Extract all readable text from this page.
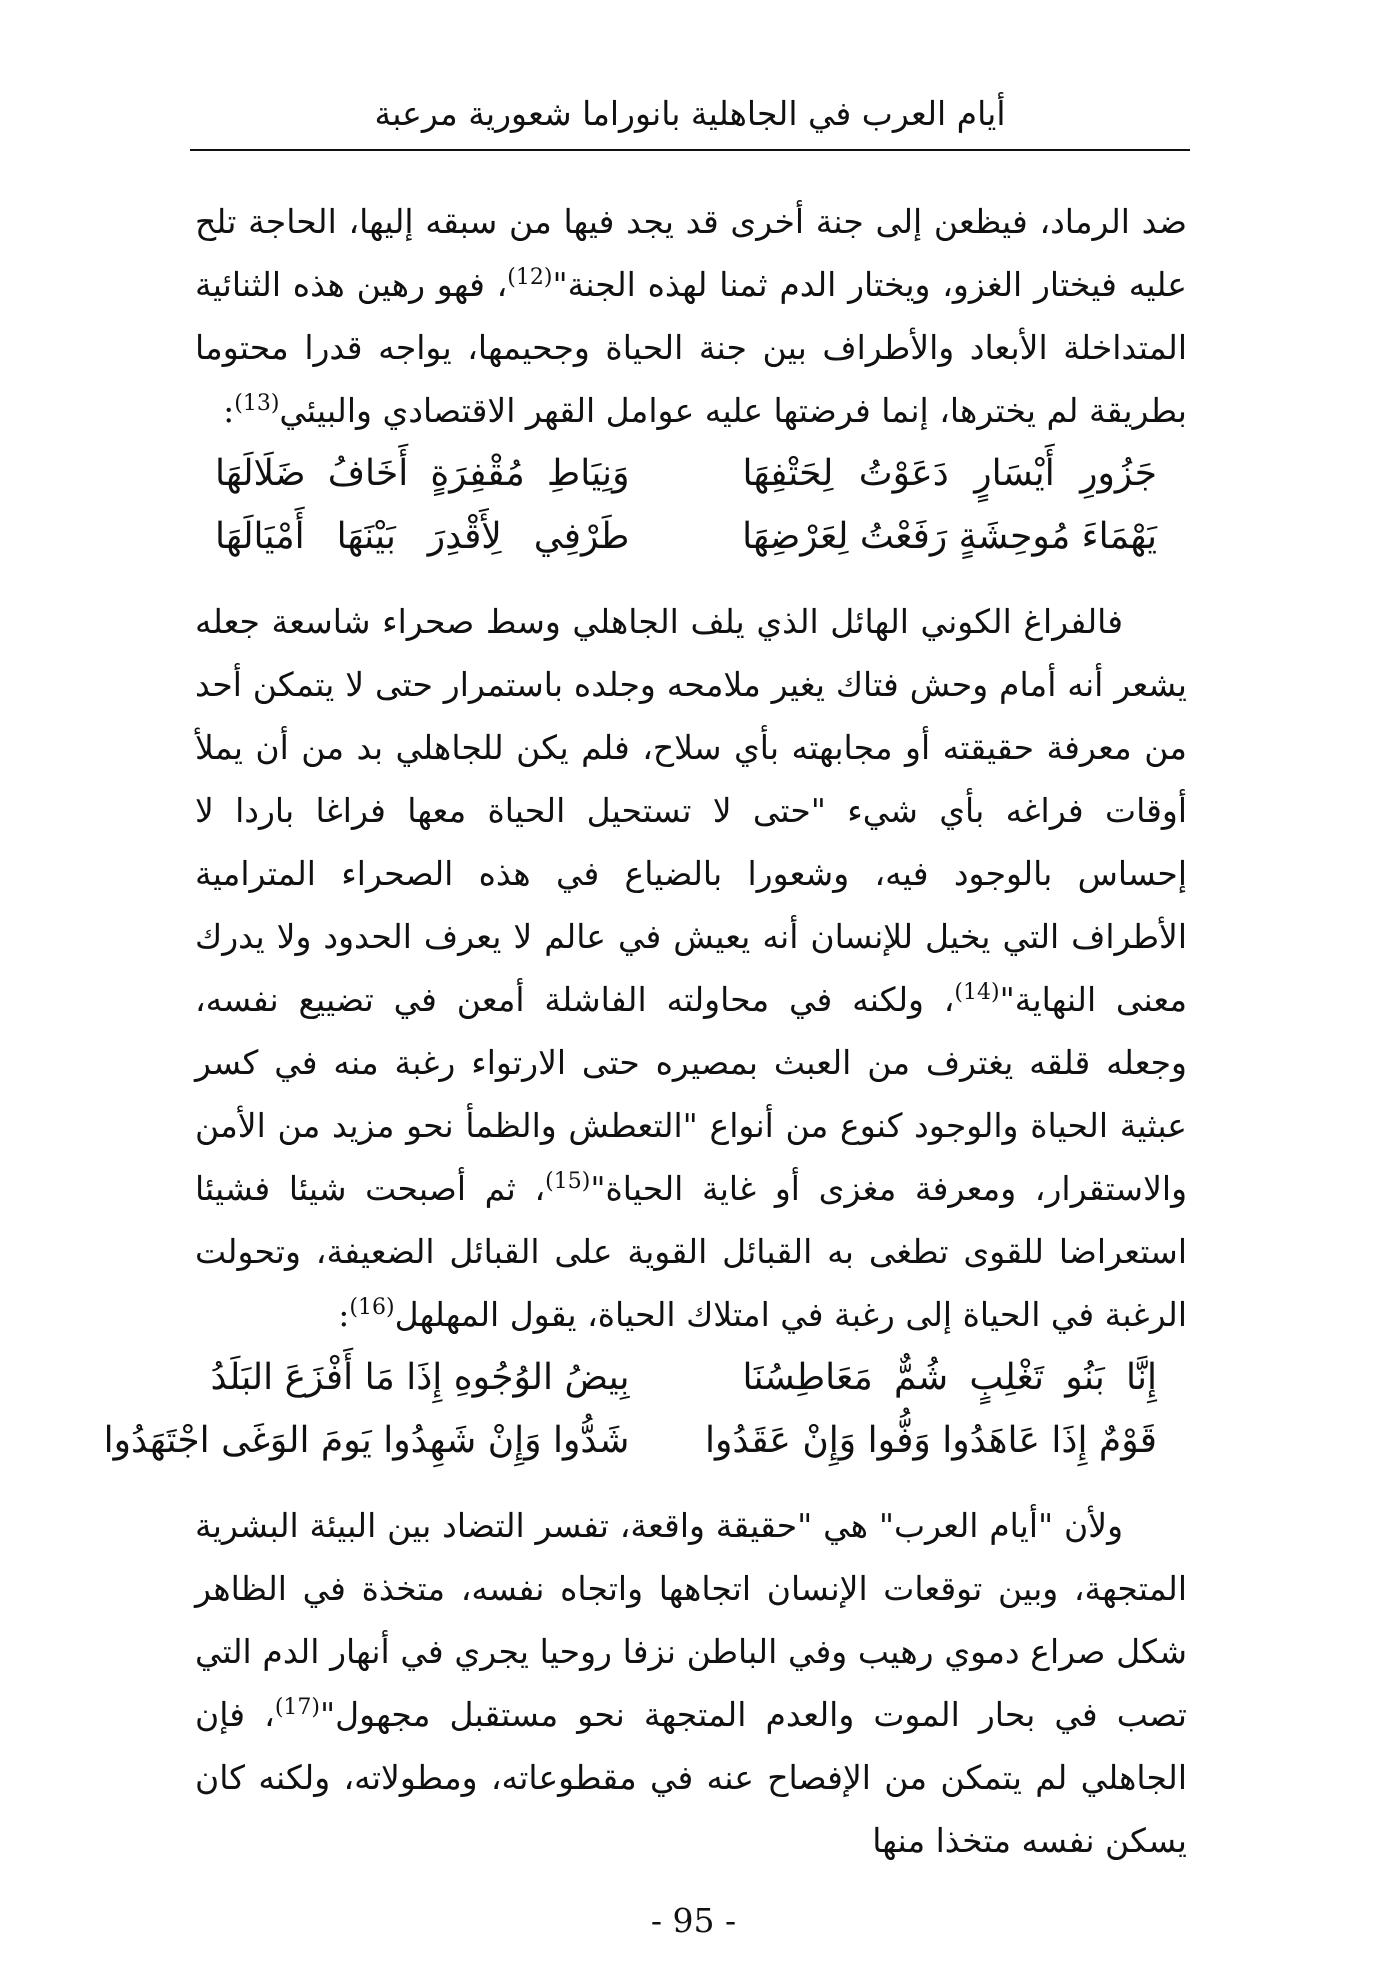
أيام العرب في الجاهلية بانوراما شعورية مرعبة

ضد الرماد، فيظعن إلى جنة أخرى قد يجد فيها من سبقه إليها، الحاجة تلح عليه فيختار الغزو، ويختار الدم ثمنا لهذه الجنة"$^{(12)}$، فهو رهين هذه الثنائية المتداخلة الأبعاد والأطراف بين جنة الحياة وجحيمها، يواجه قدرا محتوما بطريقة لم يخترها، إنما فرضتها عليه عوامل القهر الاقتصادي والبيئي$^{(13)}$:

جَزُورِ أَيْسَارٍ دَعَوْتُ لِحَتْفِهَا
وَنِيَاطِ مُقْفِرَةٍ أَخَافُ ضَلَالَهَا
يَهْمَاءَ مُوحِشَةٍ رَفَعْتُ لِعَرْضِهَا
طَرْفِي لِأَقْدِرَ بَيْنَهَا أَمْيَالَهَا

فالفراغ الكوني الهائل الذي يلف الجاهلي وسط صحراء شاسعة جعله يشعر أنه أمام وحش فتاك يغير ملامحه وجلده باستمرار حتى لا يتمكن أحد من معرفة حقيقته أو مجابهته بأي سلاح، فلم يكن للجاهلي بد من أن يملأ أوقات فراغه بأي شيء "حتى لا تستحيل الحياة معها فراغا باردا لا إحساس بالوجود فيه، وشعورا بالضياع في هذه الصحراء المترامية الأطراف التي يخيل للإنسان أنه يعيش في عالم لا يعرف الحدود ولا يدرك معنى النهاية"$^{(14)}$، ولكنه في محاولته الفاشلة أمعن في تضييع نفسه، وجعله قلقه يغترف من العبث بمصيره حتى الارتواء رغبة منه في كسر عبثية الحياة والوجود كنوع من أنواع "التعطش والظمأ نحو مزيد من الأمن والاستقرار، ومعرفة مغزى أو غاية الحياة"$^{(15)}$، ثم أصبحت شيئا فشيئا استعراضا للقوى تطغى به القبائل القوية على القبائل الضعيفة، وتحولت الرغبة في الحياة إلى رغبة في امتلاك الحياة، يقول المهلهل$^{(16)}$:

إِنَّا بَنُو تَغْلِبٍ شُمٌّ مَعَاطِسُنَا
بِيضُ الوُجُوهِ إِذَا مَا أَفْزَعَ البَلَدُ
قَوْمٌ إِذَا عَاهَدُوا وَفُّوا وَإِنْ عَقَدُوا
شَدُّوا وَإِنْ شَهِدُوا يَومَ الوَغَى اجْتَهَدُوا

ولأن "أيام العرب" هي "حقيقة واقعة، تفسر التضاد بين البيئة البشرية المتجهة، وبين توقعات الإنسان اتجاهها واتجاه نفسه، متخذة في الظاهر شكل صراع دموي رهيب وفي الباطن نزفا روحيا يجري في أنهار الدم التي تصب في بحار الموت والعدم المتجهة نحو مستقبل مجهول"$^{(17)}$، فإن الجاهلي لم يتمكن من الإفصاح عنه في مقطوعاته، ومطولاته، ولكنه كان يسكن نفسه متخذا منها

- 95 -
